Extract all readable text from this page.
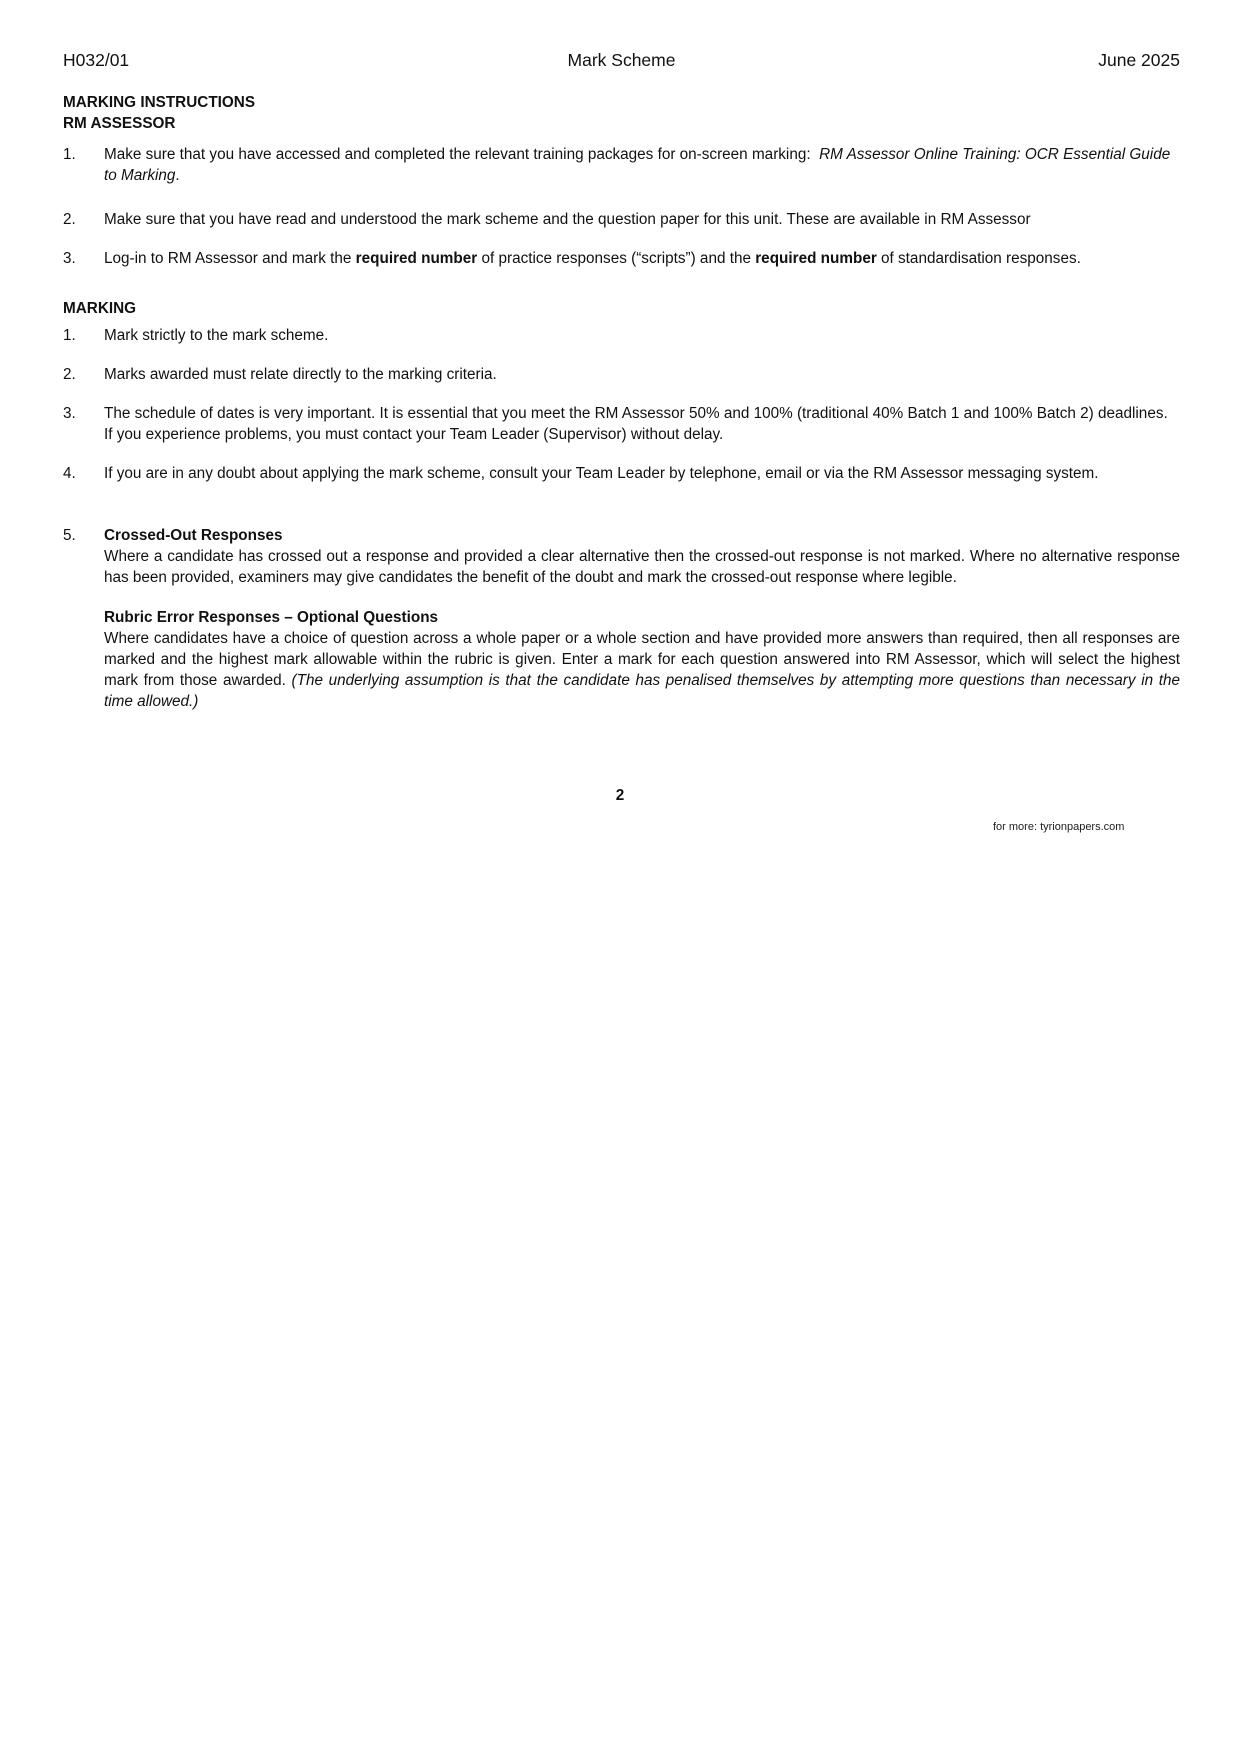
H032/01	Mark Scheme	June 2025
MARKING INSTRUCTIONS
RM ASSESSOR
1. Make sure that you have accessed and completed the relevant training packages for on-screen marking: RM Assessor Online Training: OCR Essential Guide to Marking.
2. Make sure that you have read and understood the mark scheme and the question paper for this unit. These are available in RM Assessor
3. Log-in to RM Assessor and mark the required number of practice responses (“scripts”) and the required number of standardisation responses.
MARKING
1. Mark strictly to the mark scheme.
2. Marks awarded must relate directly to the marking criteria.
3. The schedule of dates is very important. It is essential that you meet the RM Assessor 50% and 100% (traditional 40% Batch 1 and 100% Batch 2) deadlines. If you experience problems, you must contact your Team Leader (Supervisor) without delay.
4. If you are in any doubt about applying the mark scheme, consult your Team Leader by telephone, email or via the RM Assessor messaging system.
5. Crossed-Out Responses
Where a candidate has crossed out a response and provided a clear alternative then the crossed-out response is not marked. Where no alternative response has been provided, examiners may give candidates the benefit of the doubt and mark the crossed-out response where legible.
Rubric Error Responses – Optional Questions
Where candidates have a choice of question across a whole paper or a whole section and have provided more answers than required, then all responses are marked and the highest mark allowable within the rubric is given. Enter a mark for each question answered into RM Assessor, which will select the highest mark from those awarded. (The underlying assumption is that the candidate has penalised themselves by attempting more questions than necessary in the time allowed.)
2
for more: tyrionpapers.com
